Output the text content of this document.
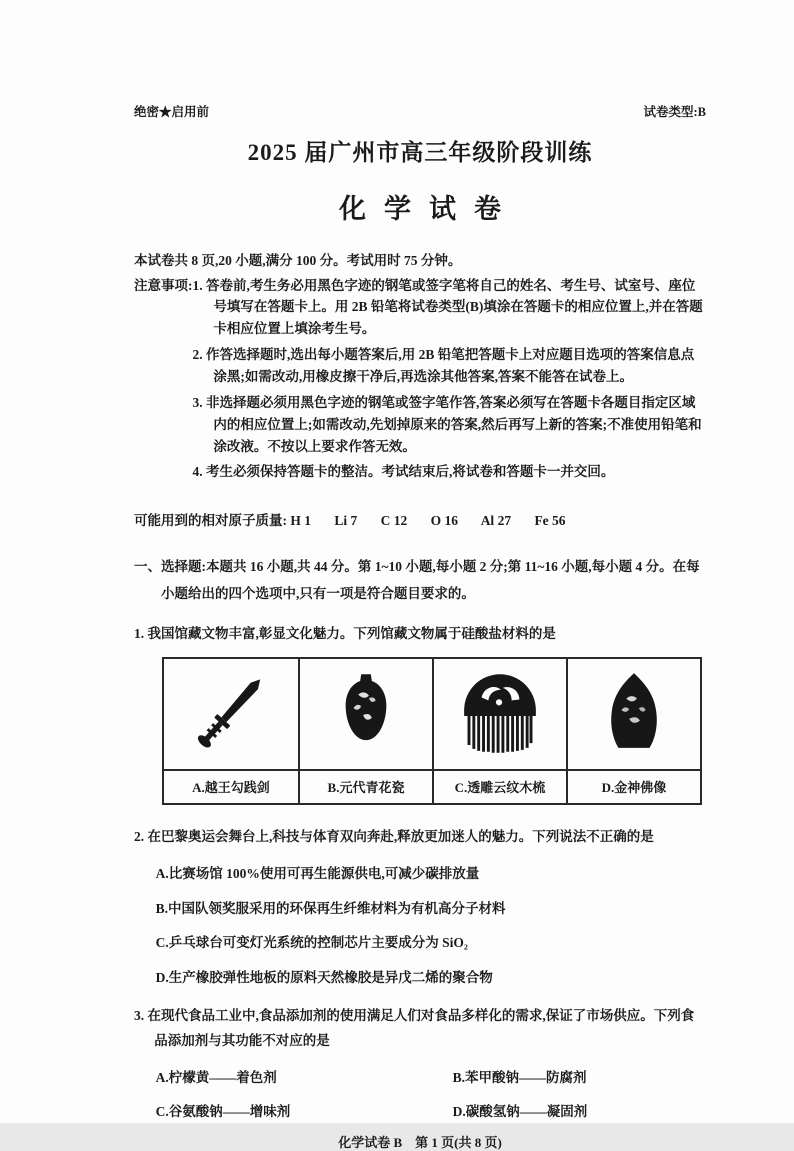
绝密★启用前	试卷类型:B
2025 届广州市高三年级阶段训练
化学试卷
本试卷共 8 页,20 小题,满分 100 分。考试用时 75 分钟。
注意事项: 1. 答卷前,考生务必用黑色字迹的钢笔或签字笔将自己的姓名、考生号、试室号、座位号填写在答题卡上。用 2B 铅笔将试卷类型(B)填涂在答题卡的相应位置上,并在答题卡相应位置上填涂考生号。
2. 作答选择题时,选出每小题答案后,用 2B 铅笔把答题卡上对应题目选项的答案信息点涂黑;如需改动,用橡皮擦干净后,再选涂其他答案,答案不能答在试卷上。
3. 非选择题必须用黑色字迹的钢笔或签字笔作答,答案必须写在答题卡各题目指定区域内的相应位置上;如需改动,先划掉原来的答案,然后再写上新的答案;不准使用铅笔和涂改液。不按以上要求作答无效。
4. 考生必须保持答题卡的整洁。考试结束后,将试卷和答题卡一并交回。
可能用到的相对原子质量: H 1 Li 7 C 12 O 16 Al 27 Fe 56
一、选择题:本题共 16 小题,共 44 分。第 1~10 小题,每小题 2 分;第 11~16 小题,每小题 4 分。在每小题给出的四个选项中,只有一项是符合题目要求的。
1. 我国馆藏文物丰富,彰显文化魅力。下列馆藏文物属于硅酸盐材料的是
A.越王勾践剑	B.元代青花瓷	C.透雕云纹木梳	D.金神佛像
2. 在巴黎奥运会舞台上,科技与体育双向奔赴,释放更加迷人的魅力。下列说法不正确的是
A.比赛场馆 100%使用可再生能源供电,可减少碳排放量
B.中国队领奖服采用的环保再生纤维材料为有机高分子材料
C.乒乓球台可变灯光系统的控制芯片主要成分为 SiO₂
D.生产橡胶弹性地板的原料天然橡胶是异戊二烯的聚合物
3. 在现代食品工业中,食品添加剂的使用满足人们对食品多样化的需求,保证了市场供应。下列食品添加剂与其功能不对应的是
A.柠檬黄——着色剂	B.苯甲酸钠——防腐剂
C.谷氨酸钠——增味剂	D.碳酸氢钠——凝固剂
化学试卷 B　第 1 页(共 8 页)
